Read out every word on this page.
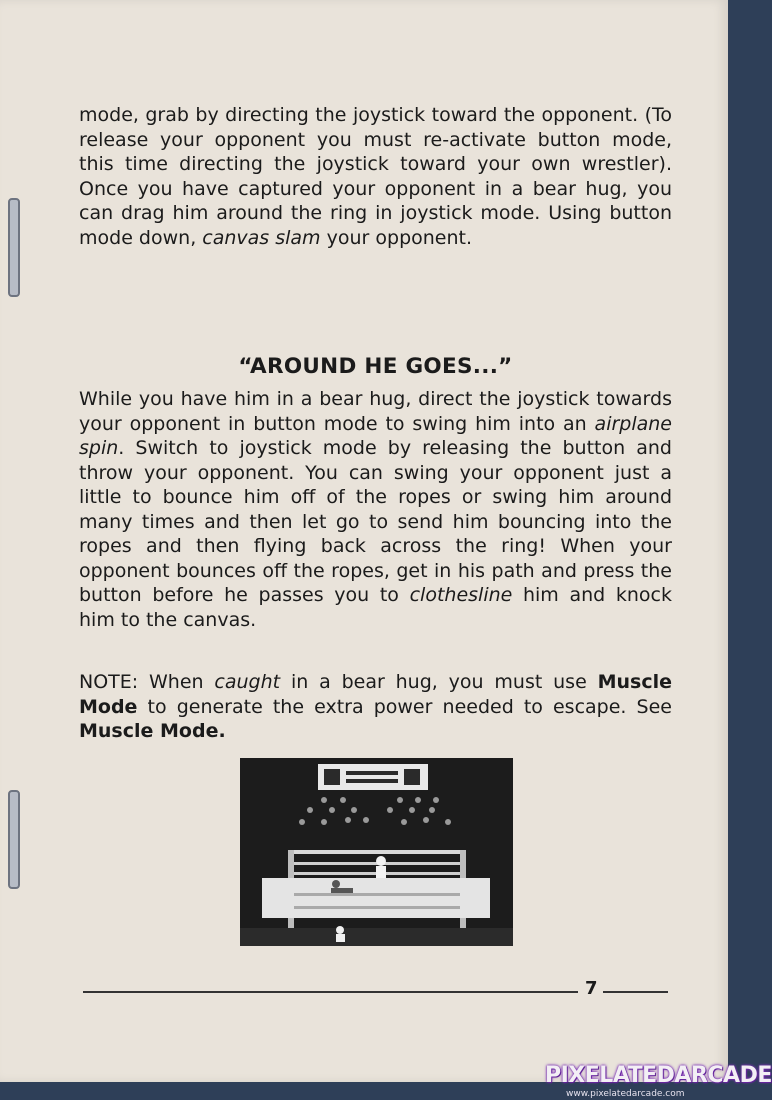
mode, grab by directing the joystick toward the opponent. (To release your opponent you must re-activate button mode, this time directing the joystick toward your own wrestler). Once you have captured your opponent in a bear hug, you can drag him around the ring in joystick mode. Using button mode down, canvas slam your opponent.

“AROUND HE GOES...”

While you have him in a bear hug, direct the joystick towards your opponent in button mode to swing him into an airplane spin. Switch to joystick mode by releasing the button and throw your opponent. You can swing your opponent just a little to bounce him off of the ropes or swing him around many times and then let go to send him bouncing into the ropes and then flying back across the ring! When your opponent bounces off the ropes, get in his path and press the button before he passes you to clothesline him and knock him to the canvas.

NOTE: When caught in a bear hug, you must use Muscle Mode to generate the extra power needed to escape. See Muscle Mode.

7
PIXELATEDARCADE
www.pixelatedarcade.com
